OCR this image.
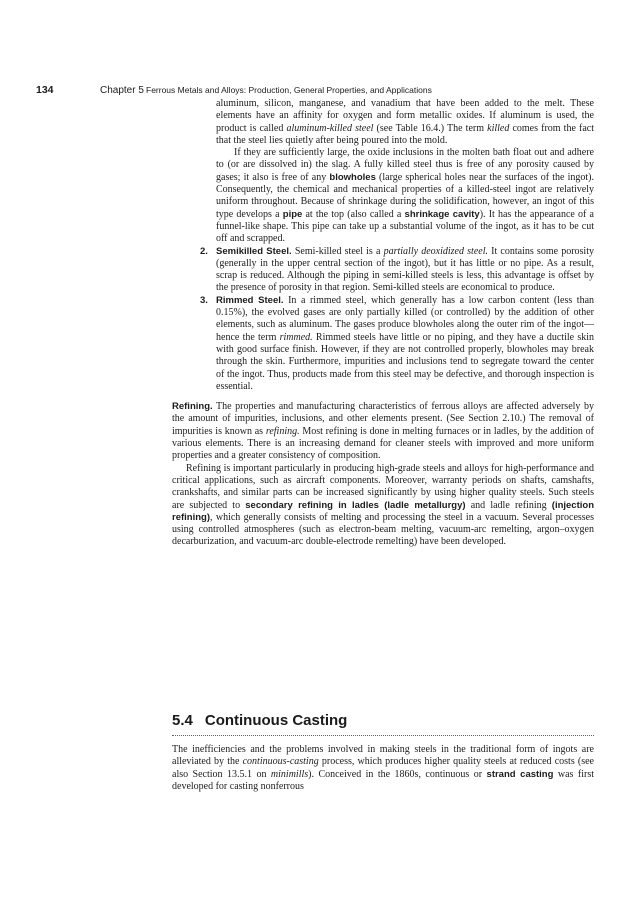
134	Chapter 5 Ferrous Metals and Alloys: Production, General Properties, and Applications

aluminum, silicon, manganese, and vanadium that have been added to the melt. These elements have an affinity for oxygen and form metallic oxides. If aluminum is used, the product is called aluminum-killed steel (see Table 16.4.) The term killed comes from the fact that the steel lies quietly after being poured into the mold.

If they are sufficiently large, the oxide inclusions in the molten bath float out and adhere to (or are dissolved in) the slag. A fully killed steel thus is free of any porosity caused by gases; it also is free of any blowholes (large spherical holes near the surfaces of the ingot). Consequently, the chemical and mechanical properties of a killed-steel ingot are relatively uniform throughout. Because of shrinkage during the solidification, however, an ingot of this type develops a pipe at the top (also called a shrinkage cavity). It has the appearance of a funnel-like shape. This pipe can take up a substantial volume of the ingot, as it has to be cut off and scrapped.

2. Semikilled Steel. Semi-killed steel is a partially deoxidized steel. It contains some porosity (generally in the upper central section of the ingot), but it has little or no pipe. As a result, scrap is reduced. Although the piping in semi-killed steels is less, this advantage is offset by the presence of porosity in that region. Semi-killed steels are economical to produce.

3. Rimmed Steel. In a rimmed steel, which generally has a low carbon content (less than 0.15%), the evolved gases are only partially killed (or controlled) by the addition of other elements, such as aluminum. The gases produce blowholes along the outer rim of the ingot—hence the term rimmed. Rimmed steels have little or no piping, and they have a ductile skin with good surface finish. However, if they are not controlled properly, blowholes may break through the skin. Furthermore, impurities and inclusions tend to segregate toward the center of the ingot. Thus, products made from this steel may be defective, and thorough inspection is essential.

Refining. The properties and manufacturing characteristics of ferrous alloys are affected adversely by the amount of impurities, inclusions, and other elements present. (See Section 2.10.) The removal of impurities is known as refining. Most refining is done in melting furnaces or in ladles, by the addition of various elements. There is an increasing demand for cleaner steels with improved and more uniform properties and a greater consistency of composition.

Refining is important particularly in producing high-grade steels and alloys for high-performance and critical applications, such as aircraft components. Moreover, warranty periods on shafts, camshafts, crankshafts, and similar parts can be increased significantly by using higher quality steels. Such steels are subjected to secondary refining in ladles (ladle metallurgy) and ladle refining (injection refining), which generally consists of melting and processing the steel in a vacuum. Several processes using controlled atmospheres (such as electron-beam melting, vacuum-arc remelting, argon–oxygen decarburization, and vacuum-arc double-electrode remelting) have been developed.

5.4 Continuous Casting

The inefficiencies and the problems involved in making steels in the traditional form of ingots are alleviated by the continuous-casting process, which produces higher quality steels at reduced costs (see also Section 13.5.1 on minimills). Conceived in the 1860s, continuous or strand casting was first developed for casting nonferrous
